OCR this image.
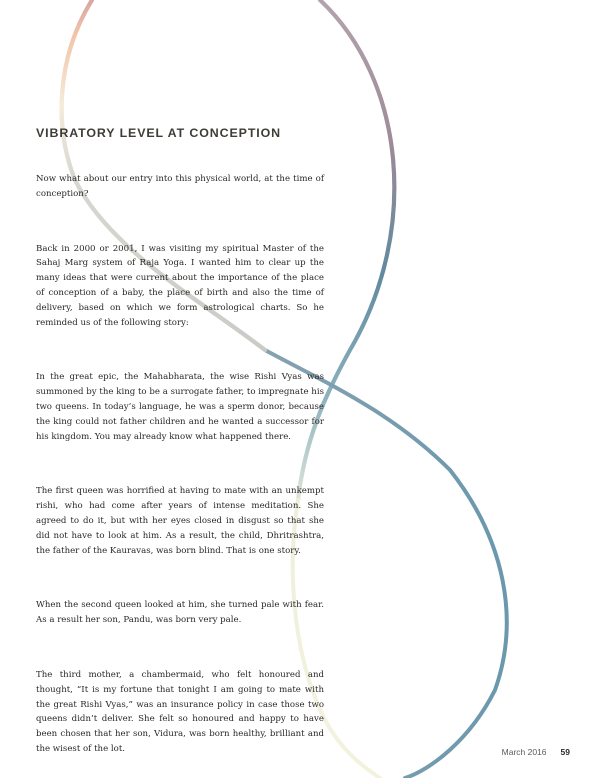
VIBRATORY LEVEL AT CONCEPTION

Now what about our entry into this physical world, at the time of conception?

Back in 2000 or 2001, I was visiting my spiritual Master of the Sahaj Marg system of Raja Yoga. I wanted him to clear up the many ideas that were current about the importance of the place of conception of a baby, the place of birth and also the time of delivery, based on which we form astrological charts. So he reminded us of the following story:

In the great epic, the Mahabharata, the wise Rishi Vyas was summoned by the king to be a surrogate father, to impregnate his two queens. In today’s language, he was a sperm donor, because the king could not father children and he wanted a successor for his kingdom. You may already know what happened there.

The first queen was horrified at having to mate with an unkempt rishi, who had come after years of intense meditation. She agreed to do it, but with her eyes closed in disgust so that she did not have to look at him. As a result, the child, Dhritrashtra, the father of the Kauravas, was born blind. That is one story.

When the second queen looked at him, she turned pale with fear. As a result her son, Pandu, was born very pale.

The third mother, a chambermaid, who felt honoured and thought, “It is my fortune that tonight I am going to mate with the great Rishi Vyas,” was an insurance policy in case those two queens didn’t deliver. She felt so honoured and happy to have been chosen that her son, Vidura, was born healthy, brilliant and the wisest of the lot.	March 2016 59
